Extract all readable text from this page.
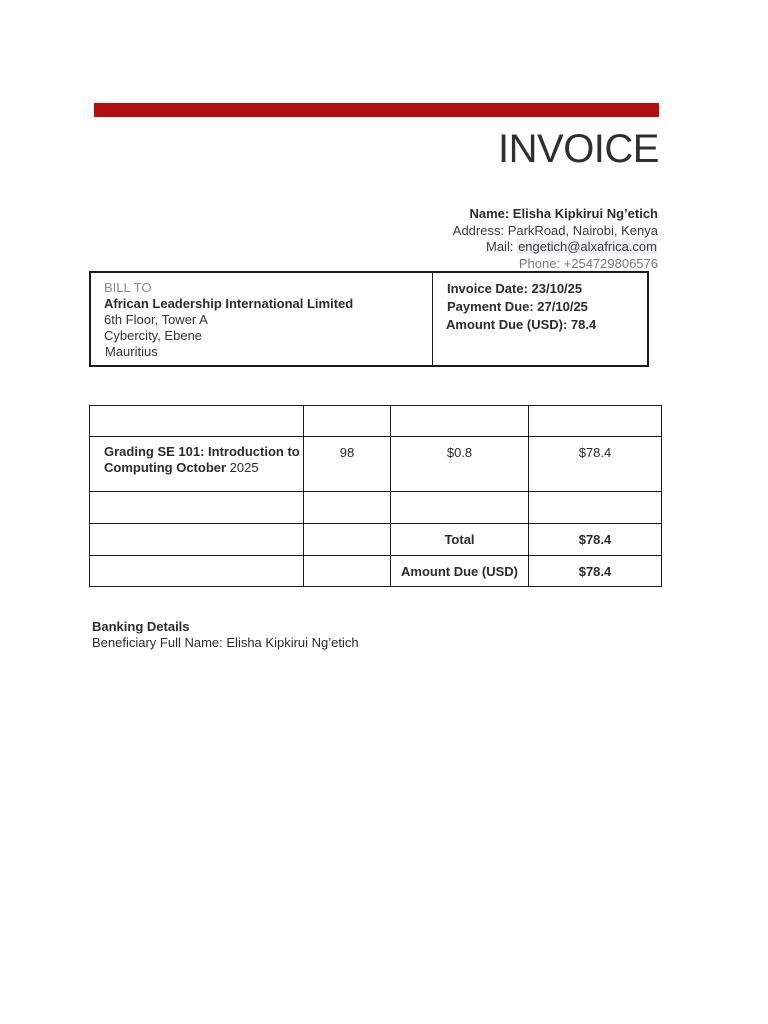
INVOICE
Name: Elisha Kipkirui Ng’etich
Address: ParkRoad, Nairobi, Kenya
Mail: engetich@alxafrica.com
Phone: +254729806576
BILL TO
African Leadership International Limited
6th Floor, Tower A
Cybercity, Ebene
Mauritius
Invoice Date: 23/10/25
Payment Due: 27/10/25
Amount Due (USD): 78.4

Grading SE 101: Introduction to Computing October 2025	98	$0.8	$78.4

		Total	$78.4
		Amount Due (USD)	$78.4
Banking Details
Beneficiary Full Name: Elisha Kipkirui Ng’etich
